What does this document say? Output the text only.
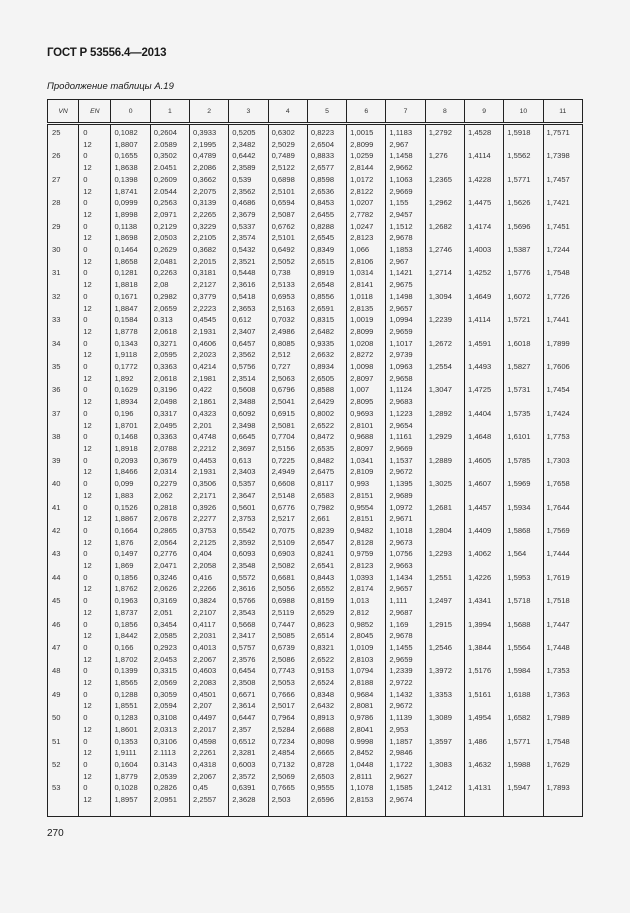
ГОСТ Р 53556.4—2013
Продолжение таблицы А.19
VN	EN	0	1	2	3	4	5	6	7	8	9	10	11
25	0	0,1082	0,2604	0,3933	0,5205	0,6302	0,8223	1,0015	1,1183	1,2792	1,4528	1,5918	1,7571
	12	1,8807	2.0589	2,1995	2,3482	2,5029	2,6504	2,8099	2,967				
26	0	0,1655	0,3502	0,4789	0,6442	0,7489	0,8833	1,0259	1,1458	1,276	1,4114	1,5562	1,7398
	12	1,8638	2.0451	2,2086	2,3589	2,5122	2,6577	2,8144	2,9662				
27	0	0,1398	0,2609	0,3662	0,539	0,6898	0,8598	1,0172	1,1063	1,2365	1,4228	1,5771	1,7457
	12	1,8741	2.0544	2,2075	2,3562	2,5101	2,6536	2,8122	2,9669				
28	0	0,0999	0,2563	0,3139	0,4686	0,6594	0,8453	1,0207	1,155	1,2962	1,4475	1,5626	1,7421
	12	1,8998	2,0971	2,2265	2,3679	2,5087	2,6455	2,7782	2,9457				
29	0	0,1138	0,2129	0,3229	0,5337	0,6762	0,8288	1,0247	1,1512	1,2682	1,4174	1,5696	1,7451
	12	1,8698	2,0503	2,2105	2,3574	2,5101	2,6545	2,8123	2,9678				
30	0	0,1464	0,2629	0,3682	0,5432	0,6492	0,8349	1,066	1,1853	1,2746	1,4003	1,5387	1,7244
	12	1,8658	2,0481	2,2015	2,3521	2,5052	2,6515	2,8106	2,967				
31	0	0,1281	0,2263	0,3181	0,5448	0,738	0,8919	1,0314	1,1421	1,2714	1,4252	1,5776	1,7548
	12	1,8818	2,08	2,2127	2,3616	2,5133	2,6548	2,8141	2,9675				
32	0	0,1671	0,2982	0,3779	0,5418	0,6953	0,8556	1,0118	1,1498	1,3094	1,4649	1,6072	1,7726
	12	1,8847	2,0659	2,2223	2,3653	2,5163	2,6591	2,8135	2,9657				
33	0	0,1584	0.313	0,4545	0,612	0,7032	0,8315	1,0019	1,0994	1,2239	1,4114	1,5721	1,7441
	12	1,8778	2,0618	2,1931	2,3407	2,4986	2,6482	2,8099	2,9659				
34	0	0,1343	0,3271	0,4606	0,6457	0,8085	0,9335	1,0208	1,1017	1,2672	1,4591	1,6018	1,7899
	12	1,9118	2,0595	2,2023	2,3562	2,512	2,6632	2,8272	2,9739				
35	0	0,1772	0,3363	0,4214	0,5756	0,727	0,8934	1,0098	1,0963	1,2554	1,4493	1,5827	1,7606
	12	1,892	2,0618	2,1981	2,3514	2,5063	2,6505	2,8097	2,9658				
36	0	0,1629	0,3196	0,422	0,5608	0,6796	0,8588	1,007	1,1124	1,3047	1,4725	1,5731	1,7454
	12	1,8934	2,0498	2,1861	2,3488	2,5041	2,6429	2,8095	2,9683				
37	0	0,196	0,3317	0,4323	0,6092	0,6915	0,8002	0,9693	1,1223	1,2892	1,4404	1,5735	1,7424
	12	1,8701	2,0495	2,201	2,3498	2,5081	2,6522	2,8101	2,9654				
38	0	0,1468	0,3363	0,4748	0,6645	0,7704	0,8472	0,9688	1,1161	1,2929	1,4648	1,6101	1,7753
	12	1,8918	2,0788	2,2212	2,3697	2,5156	2,6535	2,8097	2,9669				
39	0	0,2093	0,3679	0,4453	0,613	0,7225	0,8482	1,0341	1,1537	1,2889	1,4605	1,5785	1,7303
	12	1,8466	2,0314	2,1931	2,3403	2,4949	2,6475	2,8109	2,9672				
40	0	0,099	0,2279	0,3506	0,5357	0,6608	0,8117	0,993	1,1395	1,3025	1,4607	1,5969	1,7658
	12	1,883	2,062	2,2171	2,3647	2,5148	2,6583	2,8151	2,9689				
41	0	0,1526	0,2818	0,3926	0,5601	0,6776	0,7982	0,9554	1,0972	1,2681	1,4457	1,5934	1,7644
	12	1,8867	2,0678	2,2277	2,3753	2,5217	2,661	2,8151	2,9671				
42	0	0,1664	0,2865	0,3753	0,5542	0,7075	0,8239	0,9482	1,1018	1,2804	1,4409	1,5868	1,7569
	12	1,876	2,0564	2,2125	2,3592	2,5109	2,6547	2,8128	2,9673				
43	0	0,1497	0,2776	0,404	0,6093	0,6903	0,8241	0,9759	1,0756	1,2293	1,4062	1,564	1,7444
	12	1,869	2,0471	2,2058	2,3548	2,5082	2,6541	2,8123	2,9663				
44	0	0,1856	0,3246	0,416	0,5572	0,6681	0,8443	1,0393	1,1434	1,2551	1,4226	1,5953	1,7619
	12	1,8762	2,0626	2,2266	2,3616	2,5056	2,6552	2,8174	2,9657				
45	0	0,1963	0,3169	0,3824	0,5766	0,6988	0,8159	1,013	1,111	1,2497	1,4341	1,5718	1,7518
	12	1,8737	2,051	2,2107	2,3543	2,5119	2,6529	2,812	2,9687				
46	0	0,1856	0,3454	0,4117	0,5668	0,7447	0,8623	0,9852	1,169	1,2915	1,3994	1,5688	1,7447
	12	1,8442	2,0585	2,2031	2,3417	2,5085	2,6514	2,8045	2,9678				
47	0	0,166	0,2923	0,4013	0,5757	0,6739	0,8321	1,0109	1,1455	1,2546	1,3844	1,5564	1,7448
	12	1,8702	2,0453	2,2067	2,3576	2,5086	2,6522	2,8103	2,9659				
48	0	0,1399	0,3315	0,4603	0,6454	0,7743	0,9153	1,0794	1,2339	1,3972	1,5176	1,5984	1,7353
	12	1,8565	2,0569	2,2083	2,3508	2,5053	2,6524	2,8188	2,9722				
49	0	0,1288	0,3059	0,4501	0,6671	0,7666	0,8348	0,9684	1,1432	1,3353	1,5161	1,6188	1,7363
	12	1,8551	2,0594	2,207	2,3614	2,5017	2,6432	2,8081	2,9672				
50	0	0,1283	0,3108	0,4497	0,6447	0,7964	0,8913	0,9786	1,1139	1,3089	1,4954	1,6582	1,7989
	12	1,8601	2,0313	2,2017	2,357	2,5284	2,6688	2,8041	2,953				
51	0	0,1353	0,3106	0,4598	0,6512	0,7234	0,8098	0.9998	1,1857	1,3597	1,486	1,5771	1,7548
	12	1,9111	2.1113	2,2261	2,3281	2,4854	2,6665	2,8452	2,9846				
52	0	0,1604	0.3143	0,4318	0,6003	0,7132	0,8728	1,0448	1,1722	1,3083	1,4632	1,5988	1,7629
	12	1,8779	2,0539	2,2067	2,3572	2,5069	2,6503	2,8111	2,9627				
53	0	0,1028	0,2826	0,45	0,6391	0,7665	0,9555	1,1078	1,1585	1,2412	1,4131	1,5947	1,7893
	12	1,8957	2,0951	2,2557	2,3628	2,503	2,6596	2,8153	2,9674				
270
